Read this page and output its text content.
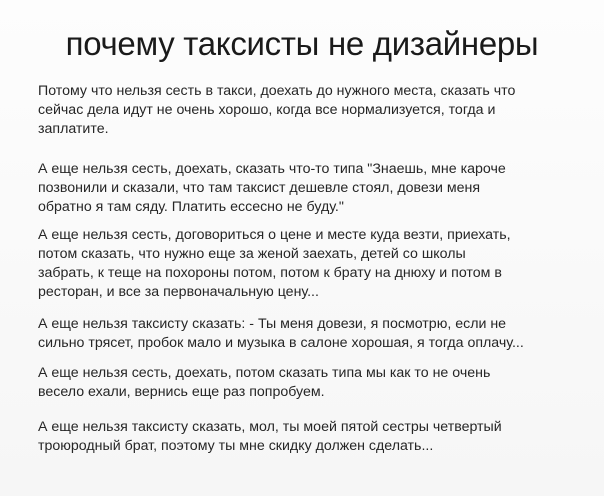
почему таксисты не дизайнеры
Потому что нельзя сесть в такси, доехать до нужного места, сказать что
сейчас дела идут не очень хорошо, когда все нормализуется, тогда и
заплатите.
А еще нельзя сесть, доехать, сказать что-то типа "Знаешь, мне кароче
позвонили и сказали, что там таксист дешевле стоял, довези меня
обратно я там сяду. Платить ессесно не буду."
А еще нельзя сесть, договориться о цене и месте куда везти, приехать,
потом сказать, что нужно еще за женой заехать, детей со школы
забрать, к теще на похороны потом, потом к брату на днюху и потом в
ресторан, и все за первоначальную цену...
А еще нельзя таксисту сказать: - Ты меня довези, я посмотрю, если не
сильно трясет, пробок мало и музыка в салоне хорошая, я тогда оплачу...
А еще нельзя сесть, доехать, потом сказать типа мы как то не очень
весело ехали, вернись еще раз попробуем.
А еще нельзя таксисту сказать, мол, ты моей пятой сестры четвертый
троюродный брат, поэтому ты мне скидку должен сделать...
